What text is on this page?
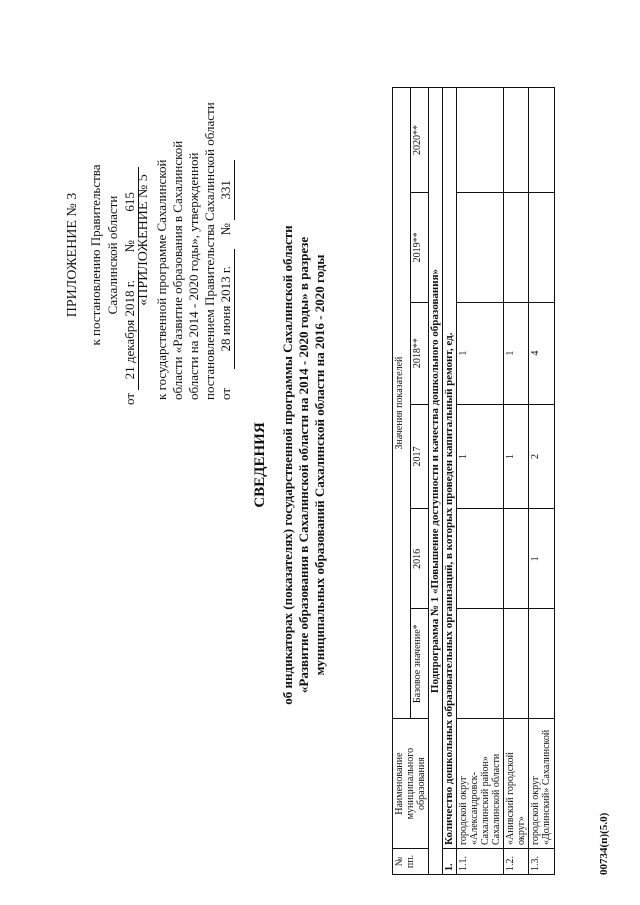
ПРИЛОЖЕНИЕ № 3 к постановлению Правительства Сахалинской области
от 21 декабря 2018 г. № 615 «ПРИЛОЖЕНИЕ № 5 к государственной программе Сахалинской области «Развитие образования в Сахалинской области на 2014 - 2020 годы», утвержденной постановлением Правительства Сахалинской области от 28 июня 2013 г. № 331
СВЕДЕНИЯ об индикаторах (показателях) государственной программы Сахалинской области «Развитие образования в Сахалинской области на 2014 - 2020 годы» в разрезе муниципальных образований Сахалинской области на 2016 - 2020 годы
№ пп.	Наименование муниципального образования	Значения показателей					
		Базовое значение*	2016	2017	2018**	2019**	2020**
Подпрограмма № 1 «Повышение доступности и качества дошкольного образования»							
1.	Количество дошкольных образовательных организаций, в которых проведен капитальный ремонт, ед.						
1.1.	городской округ «Александровск-Сахалинский район» Сахалинской области			1	1		
1.2.	«Анивский городской округ»			1	1		
1.3.	городской округ «Долинский» Сахалинской		1	2	4		
00734(п)(5.0)
